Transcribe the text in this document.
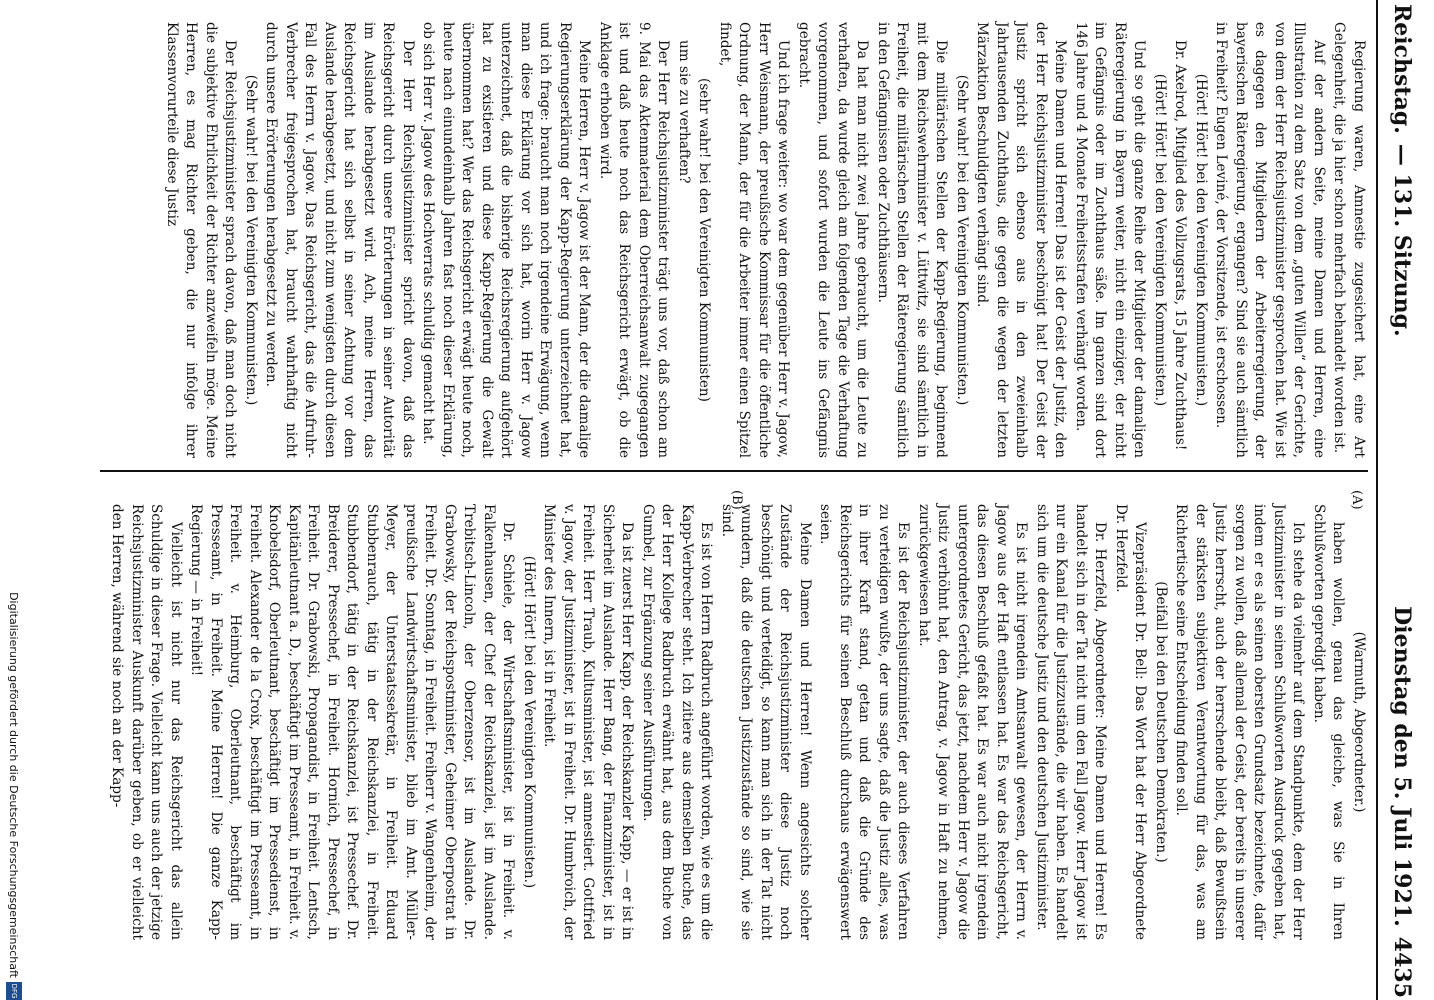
Reichstag.
— 131. Sitzung.
Dienstag den 5. Juli 1921.
4435

Regierung waren, Amnestie zugesichert hat, eine Art Gelegenheit, die ja hier schon mehrfach behandelt worden ist.

Auf der andern Seite, meine Damen und Herren, eine Illustration zu dem Satz von dem „guten Willen“ der Gerichte, von dem der Herr Reichsjustizminister gesprochen hat. Wie ist es dagegen den Mitgliedern der Arbeiterregierung, der bayerischen Räteregierung, ergangen? Sind sie auch sämtlich in Freiheit? Eugen Leviné, der Vorsitzende, ist erschossen.

(Hört! Hört! bei den Vereinigten Kommunisten.)

Dr. Axelrod, Mitglied des Vollzugsrats, 15 Jahre Zuchthaus!

(Hört! Hört! bei den Vereinigten Kommunisten.)

Und so geht die ganze Reihe der Mitglieder der damaligen Räteregierung in Bayern weiter, nicht ein einziger, der nicht im Gefängnis oder im Zuchthaus säße. Im ganzen sind dort 146 Jahre und 4 Monate Freiheitsstrafen verhängt worden.

Meine Damen und Herren! Das ist der Geist der Justiz, den der Herr Reichsjustizminister beschönigt hat! Der Geist der Justiz spricht sich ebenso aus in den zweieinhalb Jahrtausenden Zuchthaus, die gegen die wegen der letzten Märzaktion Beschuldigten verhängt sind.

(Sehr wahr! bei den Vereinigten Kommunisten.)

Die militärischen Stellen der Kapp-Regierung, beginnend mit dem Reichswehrminister v. Lüttwitz, sie sind sämtlich in Freiheit, die militärischen Stellen der Räteregierung sämtlich in den Gefängnissen oder Zuchthäusern.

Da hat man nicht zwei Jahre gebraucht, um die Leute zu verhaften, da wurde gleich am folgenden Tage die Verhaftung vorgenommen, und sofort wurden die Leute ins Gefängnis gebracht.

Und ich frage weiter: wo war dem gegenüber Herr v. Jagow, Herr Weismann, der preußische Kommissar für die öffentliche Ordnung, der Mann, der für die Arbeiter immer einen Spitzel findet,

(sehr wahr! bei den Vereinigten Kommunisten)

um sie zu verhaften?

Der Herr Reichsjustizminister trägt uns vor, daß schon am 9. Mai das Aktenmaterial dem Oberreichsanwalt zugegangen ist und daß heute noch das Reichsgericht erwägt, ob die Anklage erhoben wird.

Meine Herren, Herr v. Jagow ist der Mann, der die damalige Regierungserklärung der Kapp-Regierung unterzeichnet hat, und ich frage: braucht man noch irgendeine Erwägung, wenn man diese Erklärung vor sich hat, worin Herr v. Jagow unterzeichnet, daß die bisherige Reichsregierung aufgehört hat zu existieren und diese Kapp-Regierung die Gewalt übernommen hat? Wer das Reichsgericht erwägt heute noch, heute nach einundeinhalb Jahren fast noch dieser Erklärung, ob sich Herr v. Jagow des Hochverrats schuldig gemacht hat.

Der Herr Reichsjustizminister spricht davon, daß das Reichsgericht durch unsere Erörterungen in seiner Autorität im Auslande herabgesetzt wird. Ach, meine Herren, das Reichsgericht hat sich selbst in seiner Achtung vor dem Auslande herabgesetzt, und nicht zum wenigsten durch diesen Fall des Herrn v. Jagow. Das Reichsgericht, das die Aufruhr-Verbrecher freigesprochen hat, braucht wahrhaftig nicht durch unsere Erörterungen herabgesetzt zu werden.

(Sehr wahr! bei den Vereinigten Kommunisten.)

Der Reichsjustizminister sprach davon, daß man doch nicht die subjektive Ehrlichkeit der Richter anzweifeln möge. Meine Herren, es mag Richter geben, die nur infolge ihrer Klassenvorurteile diese Justiz

(Warmuth, Abgeordneter.)

haben wollen, genau das gleiche, was Sie in Ihren Schlußworten gepredigt haben.

Ich stehe da vielmehr auf dem Standpunkte, dem der Herr Justizminister in seinen Schlußworten Ausdruck gegeben hat, indem er es als seinen obersten Grundsatz bezeichnete, dafür sorgen zu wollen, daß allemal der Geist, der bereits in unserer Justiz herrscht, auch der herrschende bleibt, daß Bewußtsein der stärksten subjektiven Verantwortung für das, was am Richtertische seine Entscheidung finden soll.

(Beifall bei den Deutschen Demokraten.)

Vizepräsident Dr. Bell: Das Wort hat der Herr Abgeordnete Dr. Herzfeld.

Dr. Herzfeld, Abgeordneter: Meine Damen und Herren! Es handelt sich in der Tat nicht um den Fall Jagow. Herr Jagow ist nur ein Kanal für die Justizzustände, die wir haben. Es handelt sich um die deutsche Justiz und den deutschen Justizminister.

Es ist nicht irgendein Amtsanwalt gewesen, der Herrn v. Jagow aus der Haft entlassen hat. Es war das Reichsgericht, das diesen Beschluß gefaßt hat. Es war auch nicht irgendein untergeordnetes Gericht, das jetzt, nachdem Herr v. Jagow die Justiz verhöhnt hat, den Antrag, v. Jagow in Haft zu nehmen, zurückgewiesen hat.

Es ist der Reichsjustizminister, der auch dieses Verfahren zu verteidigen wußte, der uns sagte, daß die Justiz alles, was in ihrer Kraft stand, getan und daß die Gründe des Reichsgerichts für seinen Beschluß durchaus erwägenswert seien.

Meine Damen und Herren! Wenn angesichts solcher Zustände der Reichsjustizminister diese Justiz noch beschönigt und verteidigt, so kann man sich in der Tat nicht wundern, daß die deutschen Justizzustände so sind, wie sie sind.

Es ist von Herrn Radbruch angeführt worden, wie es um die Kapp-Verbrecher steht. Ich zitiere aus demselben Buche, das der Herr Kollege Radbruch erwähnt hat, aus dem Buche von Gumbel, zur Ergänzung seiner Ausführungen.

Da ist zuerst Herr Kapp, der Reichskanzler Kapp, — er ist in Sicherheit im Auslande. Herr Bang, der Finanzminister, ist in Freiheit. Herr Traub, Kultusminister, ist amnestiert. Gottfried v. Jagow, der Justizminister, ist in Freiheit. Dr. Humbroich, der Minister des Innern, ist in Freiheit.

(Hört! Hört! bei den Vereinigten Kommunisten.)

Dr. Schiele, der Wirtschaftsminister, ist in Freiheit. v. Falkenhausen, der Chef der Reichskanzlei, ist im Auslande. Trebitsch-Lincoln, der Oberzensor, ist im Auslande. Dr. Grabowsky, der Reichspostminister, Geheimer Oberpostrat in Freiheit. Dr. Sonntag, in Freiheit. Freiherr v. Wangenheim, der preußische Landwirtschaftsminister, blieb im Amt. Müller-Meyer, der Unterstaatssekretär, in Freiheit. Eduard Stubbenrauch, tätig in der Reichskanzlei, in Freiheit. Stubbendorf, tätig in der Reichskanzlei, ist Pressechef. Dr. Breiderer, Pressechef, in Freiheit. Hornich, Pressechef, in Freiheit. Dr. Grabowski, Propagandist, in Freiheit. Lentsch, Kapitänleutnant a. D., beschäftigt im Presseamt, in Freiheit. v. Knobelsdorf, Oberleutnant, beschäftigt im Pressedienst, in Freiheit. Alexander de la Croix, beschäftigt im Presseamt, in Freiheit. v. Heimburg, Oberleutnant, beschäftigt im Presseamt, in Freiheit. Meine Herren! Die ganze Kapp-Regierung — in Freiheit!

Vielleicht ist nicht nur das Reichsgericht das allein Schuldige in dieser Frage. Vielleicht kann uns auch der jetzige Reichsjustizminister Auskunft darüber geben, ob er vielleicht den Herren, während sie noch an der Kapp-

(A)
(B)
Digitalisierung gefördert durch die Deutsche Forschungsgemeinschaft
DFG
